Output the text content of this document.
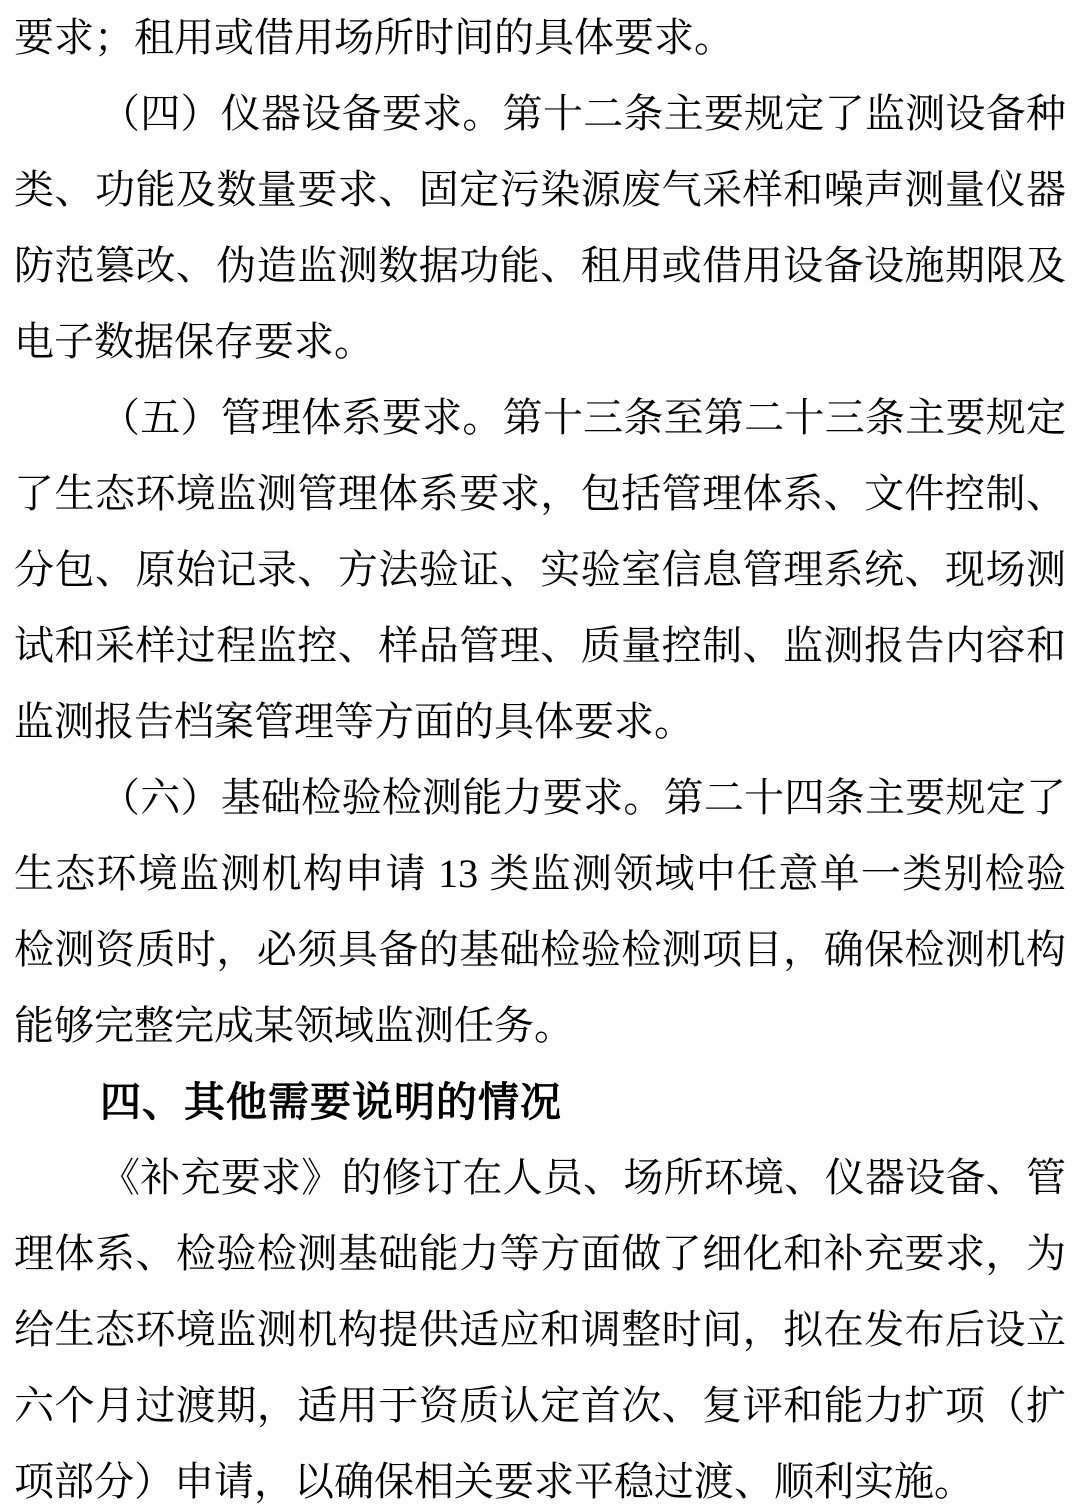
要求；租用或借用场所时间的具体要求。
（四）仪器设备要求。第十二条主要规定了监测设备种
类、功能及数量要求、固定污染源废气采样和噪声测量仪器
防范篡改、伪造监测数据功能、租用或借用设备设施期限及
电子数据保存要求。
（五）管理体系要求。第十三条至第二十三条主要规定
了生态环境监测管理体系要求，包括管理体系、文件控制、
分包、原始记录、方法验证、实验室信息管理系统、现场测
试和采样过程监控、样品管理、质量控制、监测报告内容和
监测报告档案管理等方面的具体要求。
（六）基础检验检测能力要求。第二十四条主要规定了
生态环境监测机构申请 13 类监测领域中任意单一类别检验
检测资质时，必须具备的基础检验检测项目，确保检测机构
能够完整完成某领域监测任务。
四、其他需要说明的情况
《补充要求》的修订在人员、场所环境、仪器设备、管
理体系、检验检测基础能力等方面做了细化和补充要求，为
给生态环境监测机构提供适应和调整时间，拟在发布后设立
六个月过渡期，适用于资质认定首次、复评和能力扩项（扩
项部分）申请，以确保相关要求平稳过渡、顺利实施。
